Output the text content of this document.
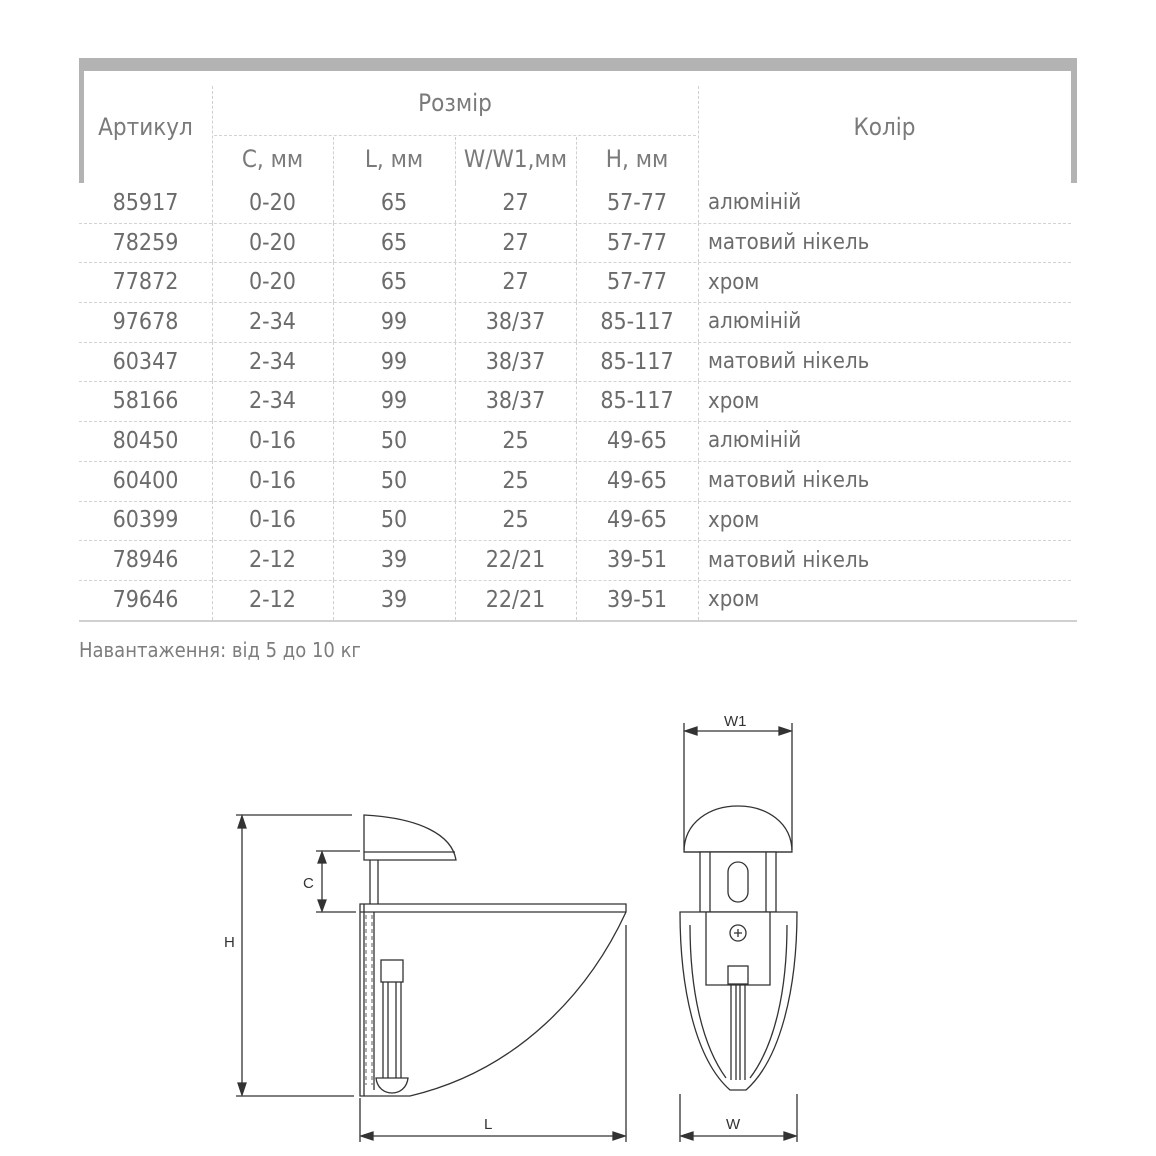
Артикул
Розмір
Колір
С, мм	L, мм	W/W1,мм	H, мм
85917	0-20	65	27	57-77	алюміній
78259	0-20	65	27	57-77	матовий нікель
77872	0-20	65	27	57-77	хром
97678	2-34	99	38/37	85-117	алюміній
60347	2-34	99	38/37	85-117	матовий нікель
58166	2-34	99	38/37	85-117	хром
80450	0-16	50	25	49-65	алюміній
60400	0-16	50	25	49-65	матовий нікель
60399	0-16	50	25	49-65	хром
78946	2-12	39	22/21	39-51	матовий нікель
79646	2-12	39	22/21	39-51	хром
Навантаження: від 5 до 10 кг
H
C
L	W
W1
